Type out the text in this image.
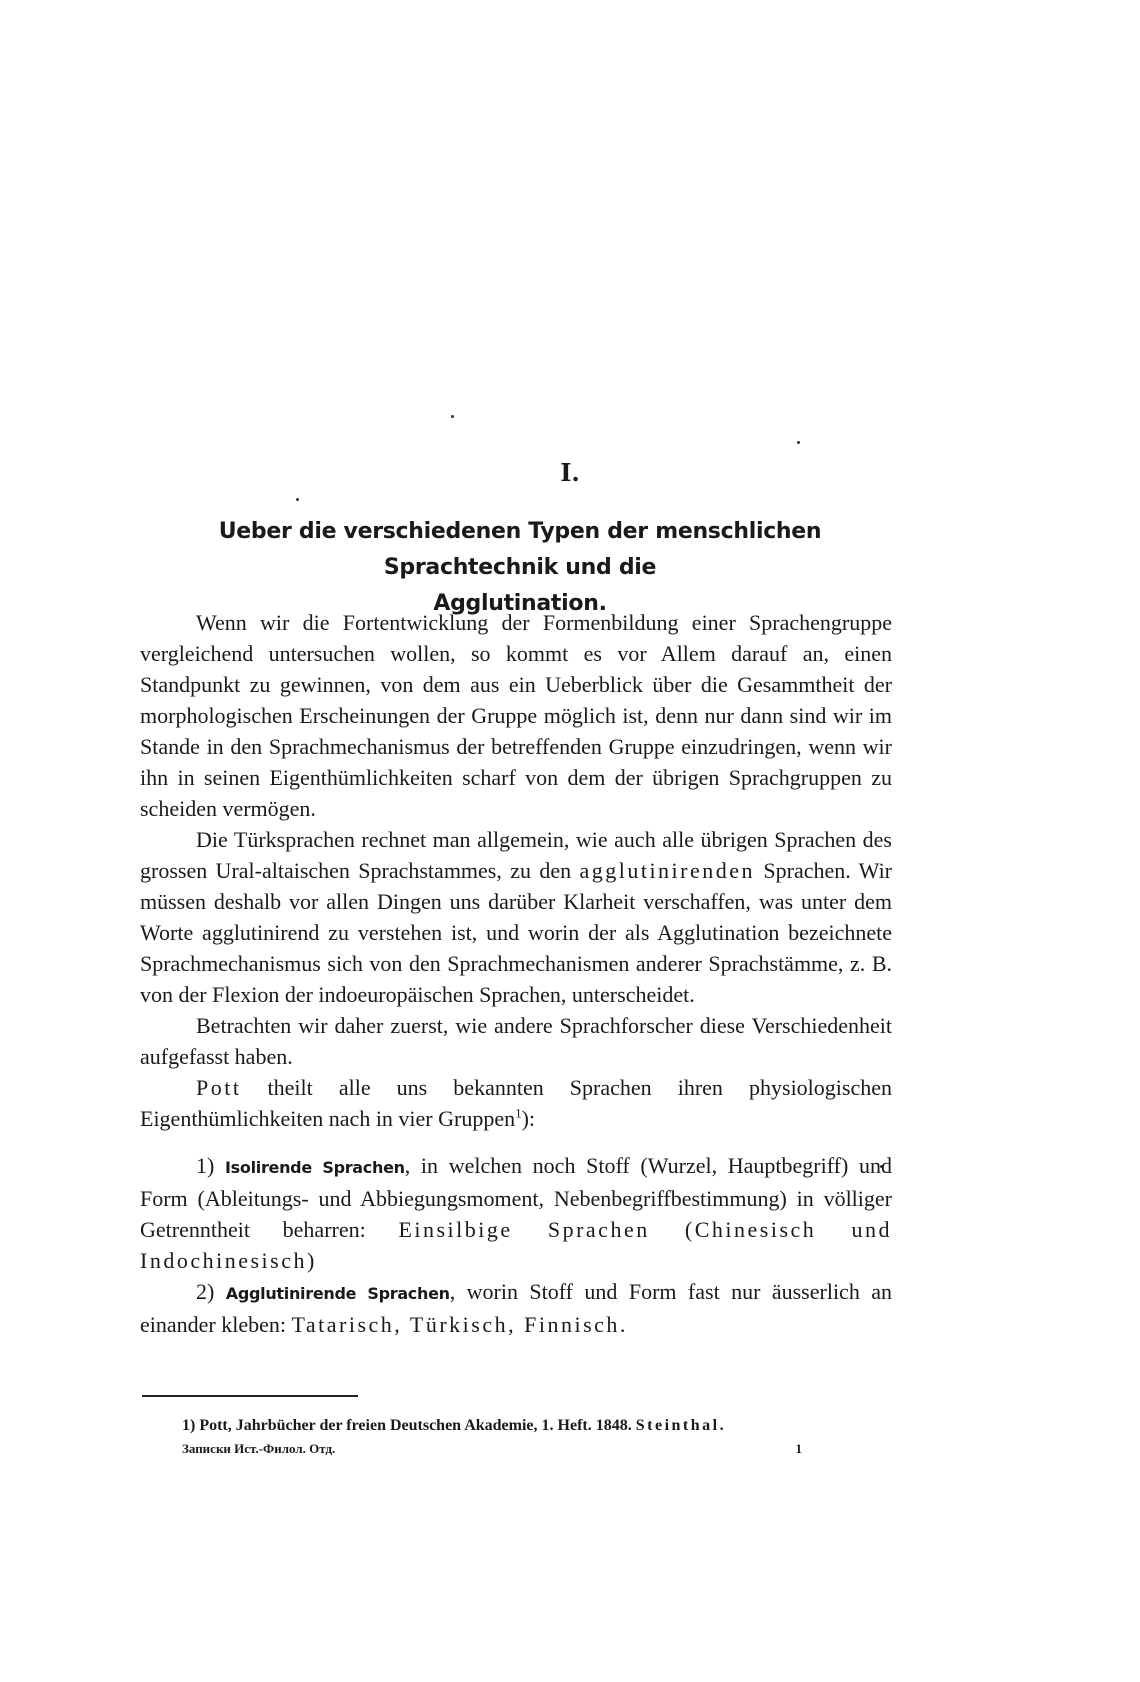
I.
Ueber die verschiedenen Typen der menschlichen Sprachtechnik und die
Agglutination.

Wenn wir die Fortentwicklung der Formenbildung einer Sprachengruppe vergleichend untersuchen wollen, so kommt es vor Allem darauf an, einen Standpunkt zu gewinnen, von dem aus ein Ueberblick über die Gesammtheit der morphologischen Erscheinungen der Gruppe möglich ist, denn nur dann sind wir im Stande in den Sprachmechanismus der betreffenden Gruppe einzudringen, wenn wir ihn in seinen Eigenthümlichkeiten scharf von dem der übrigen Sprachgruppen zu scheiden vermögen.

Die Türksprachen rechnet man allgemein, wie auch alle übrigen Sprachen des grossen Ural-altaischen Sprachstammes, zu den agglutinirenden Sprachen. Wir müssen deshalb vor allen Dingen uns darüber Klarheit verschaffen, was unter dem Worte agglutinirend zu verstehen ist, und worin der als Agglutination bezeichnete Sprachmechanismus sich von den Sprachmechanismen anderer Sprachstämme, z. B. von der Flexion der indoeuropäischen Sprachen, unterscheidet.

Betrachten wir daher zuerst, wie andere Sprachforscher diese Verschiedenheit aufgefasst haben.

Pott theilt alle uns bekannten Sprachen ihren physiologischen Eigenthümlichkeiten nach in vier Gruppen$^1$):

1) Isolirende Sprachen, in welchen noch Stoff (Wurzel, Hauptbegriff) und Form (Ableitungs- und Abbiegungsmoment, Nebenbegriffbestimmung) in völliger Getrenntheit beharren: Einsilbige Sprachen (Chinesisch und Indochinesisch)

2) Agglutinirende Sprachen, worin Stoff und Form fast nur äusserlich an einander kleben: Tatarisch, Türkisch, Finnisch.

1) Pott, Jahrbücher der freien Deutschen Akademie, 1. Heft. 1848. Steinthal.
Записки Ист.-Филол. Отд.	1
